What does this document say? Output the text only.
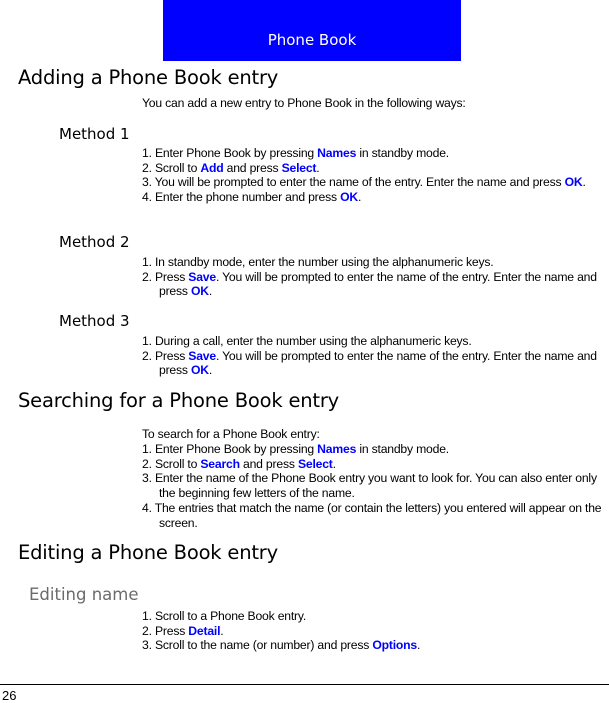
Phone Book
Adding a Phone Book entry
You can add a new entry to Phone Book in the following ways:
Method 1
1. Enter Phone Book by pressing Names in standby mode.
2. Scroll to Add and press Select.
3. You will be prompted to enter the name of the entry. Enter the name and press OK.
4. Enter the phone number and press OK.
Method 2
1. In standby mode, enter the number using the alphanumeric keys.
2. Press Save. You will be prompted to enter the name of the entry. Enter the name and press OK.
Method 3
1. During a call, enter the number using the alphanumeric keys.
2. Press Save. You will be prompted to enter the name of the entry. Enter the name and press OK.
Searching for a Phone Book entry
To search for a Phone Book entry:
1. Enter Phone Book by pressing Names in standby mode.
2. Scroll to Search and press Select.
3. Enter the name of the Phone Book entry you want to look for. You can also enter only the beginning few letters of the name.
4. The entries that match the name (or contain the letters) you entered will appear on the screen.
Editing a Phone Book entry
Editing name
1. Scroll to a Phone Book entry.
2. Press Detail.
3. Scroll to the name (or number) and press Options.
26
